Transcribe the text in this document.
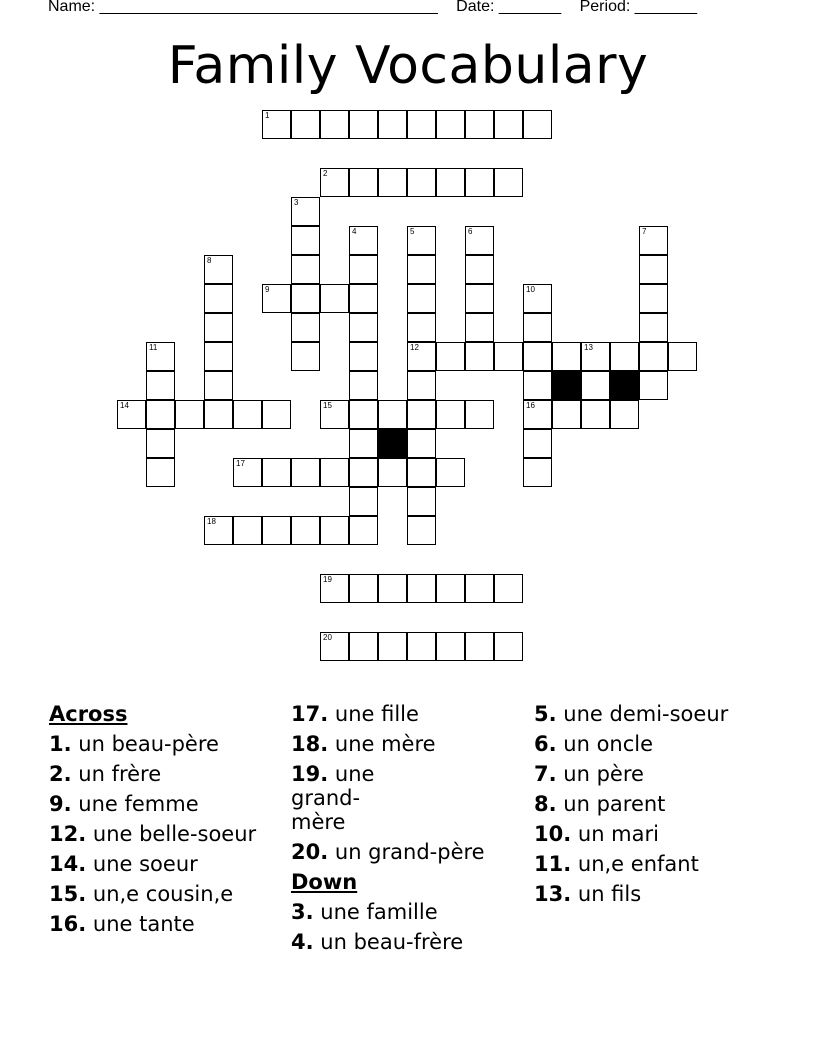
Name: ______________________________________ Date: _______ Period: _______
Family Vocabulary
1
2
3
4	5
12
6	7
8
9	10
16
11	13
14	15
17
18
19
20
Across
1. un beau-père
2. un frère
9. une femme
12. une belle-soeur
14. une soeur
15. un,e cousin,e
16. une tante
17. une fille
18. une mère
19. une grand-mère
20. un grand-père
Down
3. une famille
4. un beau-frère
5. une demi-soeur
6. un oncle
7. un père
8. un parent
10. un mari
11. un,e enfant
13. un fils
